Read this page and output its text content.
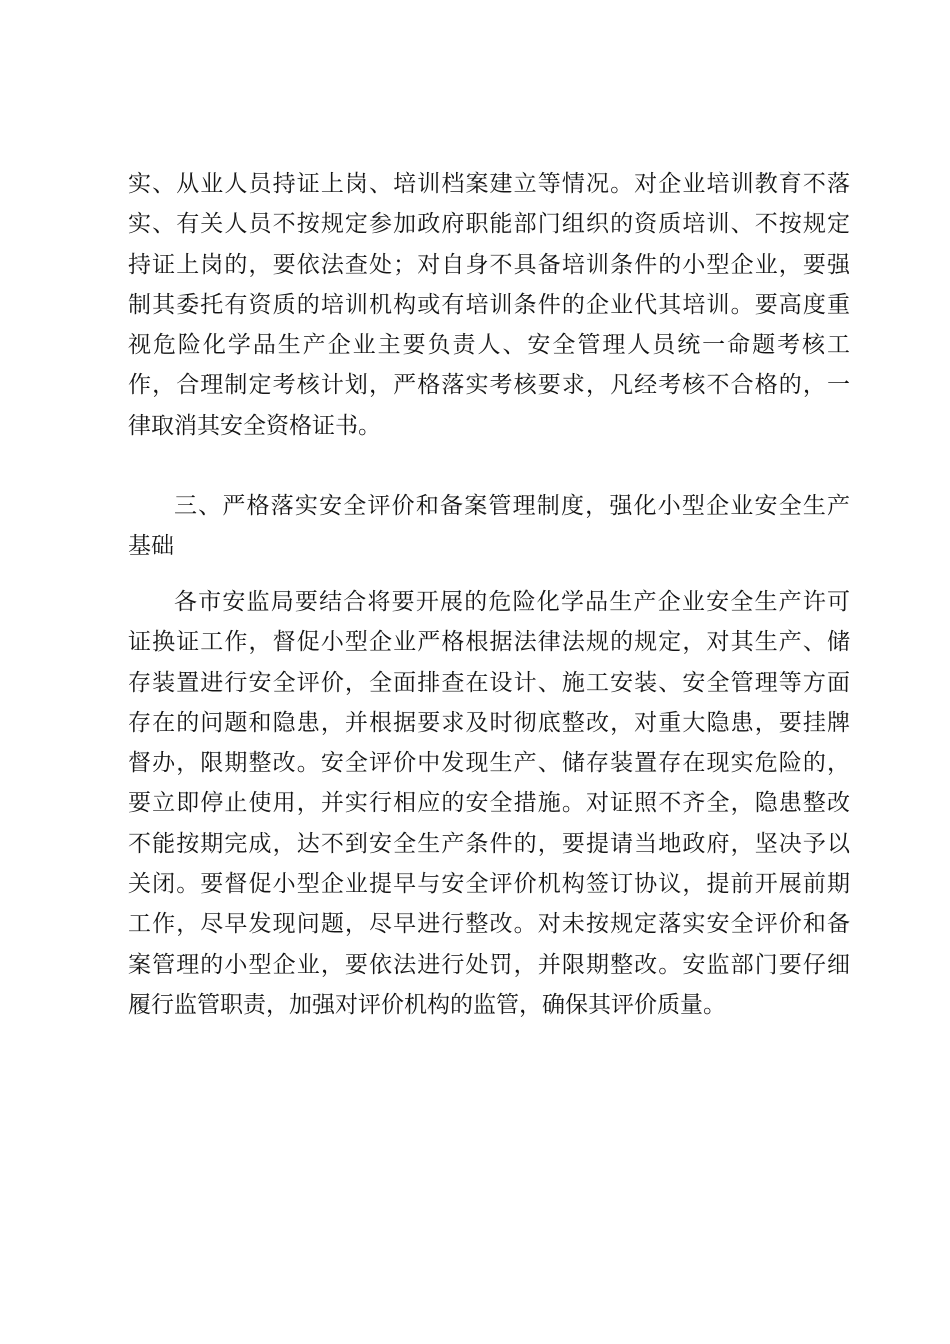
实、从业人员持证上岗、培训档案建立等情况。对企业培训教育不落
实、有关人员不按规定参加政府职能部门组织的资质培训、不按规定
持证上岗的，要依法查处；对自身不具备培训条件的小型企业，要强
制其委托有资质的培训机构或有培训条件的企业代其培训。要高度重
视危险化学品生产企业主要负责人、安全管理人员统一命题考核工
作，合理制定考核计划，严格落实考核要求，凡经考核不合格的，一
律取消其安全资格证书。
三、严格落实安全评价和备案管理制度，强化小型企业安全生产
基础
各市安监局要结合将要开展的危险化学品生产企业安全生产许可
证换证工作，督促小型企业严格根据法律法规的规定，对其生产、储
存装置进行安全评价，全面排查在设计、施工安装、安全管理等方面
存在的问题和隐患，并根据要求及时彻底整改，对重大隐患，要挂牌
督办，限期整改。安全评价中发现生产、储存装置存在现实危险的，
要立即停止使用，并实行相应的安全措施。对证照不齐全，隐患整改
不能按期完成，达不到安全生产条件的，要提请当地政府，坚决予以
关闭。要督促小型企业提早与安全评价机构签订协议，提前开展前期
工作，尽早发现问题，尽早进行整改。对未按规定落实安全评价和备
案管理的小型企业，要依法进行处罚，并限期整改。安监部门要仔细
履行监管职责，加强对评价机构的监管，确保其评价质量。
